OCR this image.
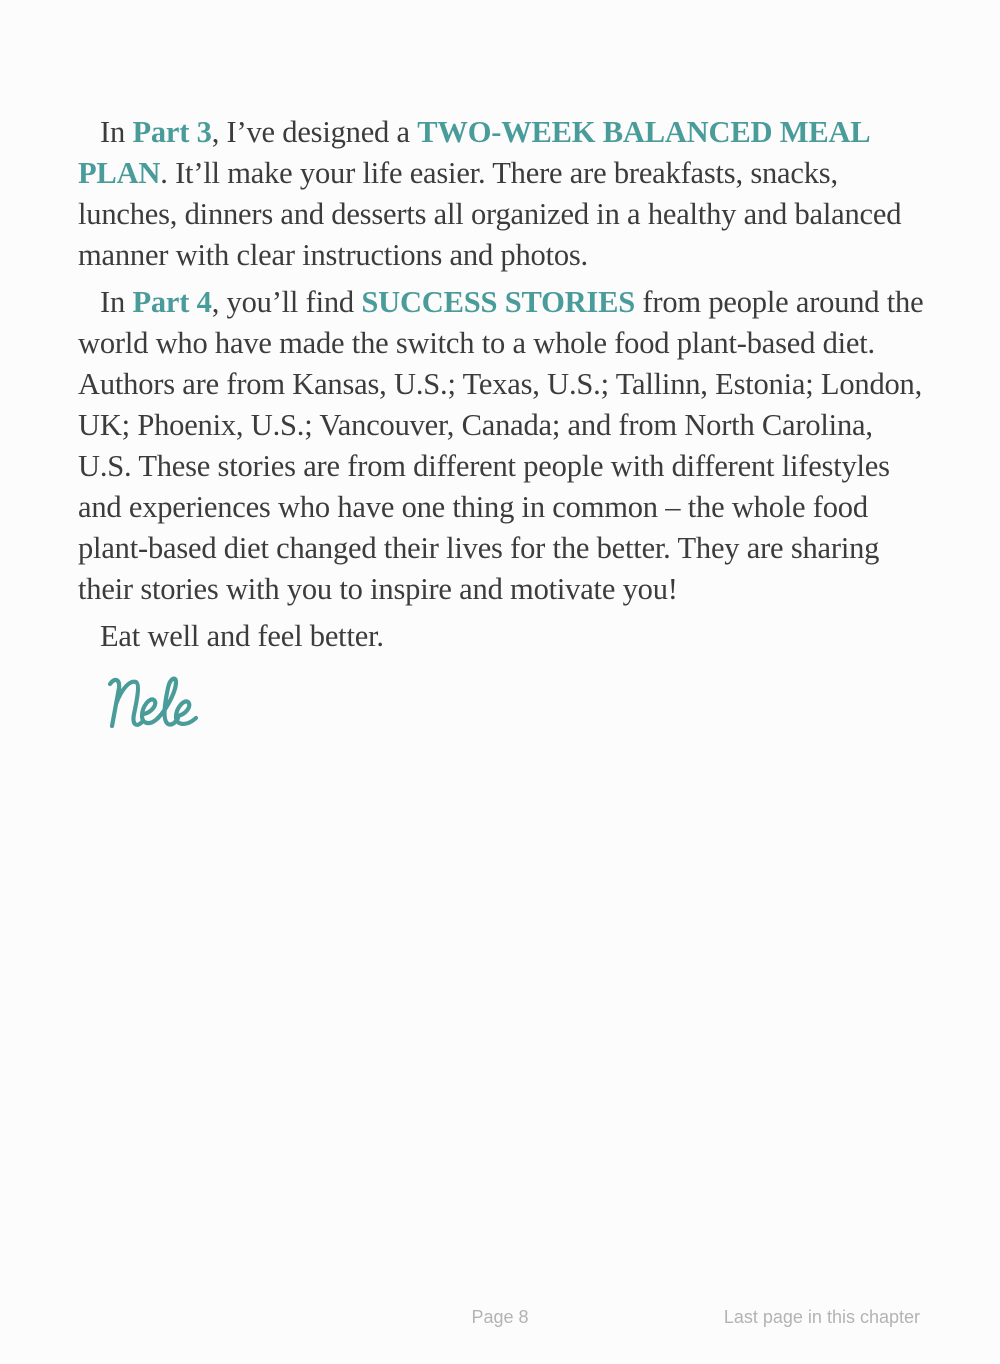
In Part 3, I’ve designed a TWO-WEEK BALANCED MEAL PLAN. It’ll make your life easier. There are breakfasts, snacks, lunches, dinners and desserts all organized in a healthy and balanced manner with clear instructions and photos.

In Part 4, you’ll find SUCCESS STORIES from people around the world who have made the switch to a whole food plant-based diet. Authors are from Kansas, U.S.; Texas, U.S.; Tallinn, Estonia; London, UK; Phoenix, U.S.; Vancouver, Canada; and from North Carolina, U.S. These stories are from different people with different lifestyles and experiences who have one thing in common – the whole food plant-based diet changed their lives for the better. They are sharing their stories with you to inspire and motivate you!

Eat well and feel better.

Nele
Page 8	Last page in this chapter
